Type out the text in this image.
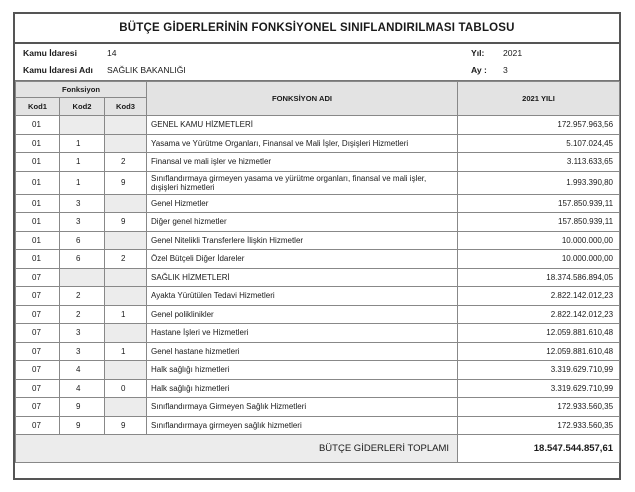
BÜTÇE GİDERLERİNİN FONKSİYONEL SINIFLANDIRILMASI TABLOSU
Kamu İdaresi	14
Kamu İdaresi Adı SAĞLIK BAKANLIĞI
Yıl: 2021
Ay : 3
Fonksiyon			FONKSİYON ADI	2021 YILI
Kod1	Kod2	Kod3		
01			GENEL KAMU HİZMETLERİ	172.957.963,56
01	1		Yasama ve Yürütme Organları, Finansal ve Mali İşler, Dışişleri Hizmetleri	5.107.024,45
01	1	2	Finansal ve mali işler ve hizmetler	3.113.633,65
01	1	9	Sınıflandırmaya girmeyen yasama ve yürütme organları, finansal ve mali işler, dışişleri hizmetleri	1.993.390,80
01	3		Genel Hizmetler	157.850.939,11
01	3	9	Diğer genel hizmetler	157.850.939,11
01	6		Genel Nitelikli Transferlere İlişkin Hizmetler	10.000.000,00
01	6	2	Özel Bütçeli Diğer İdareler	10.000.000,00
07			SAĞLIK HİZMETLERİ	18.374.586.894,05
07	2		Ayakta Yürütülen Tedavi Hizmetleri	2.822.142.012,23
07	2	1	Genel poliklinikler	2.822.142.012,23
07	3		Hastane İşleri ve Hizmetleri	12.059.881.610,48
07	3	1	Genel hastane hizmetleri	12.059.881.610,48
07	4		Halk sağlığı hizmetleri	3.319.629.710,99
07	4	0	Halk sağlığı hizmetleri	3.319.629.710,99
07	9		Sınıflandırmaya Girmeyen Sağlık Hizmetleri	172.933.560,35
07	9	9	Sınıflandırmaya girmeyen sağlık hizmetleri	172.933.560,35
BÜTÇE GİDERLERİ TOPLAMI				18.547.544.857,61
